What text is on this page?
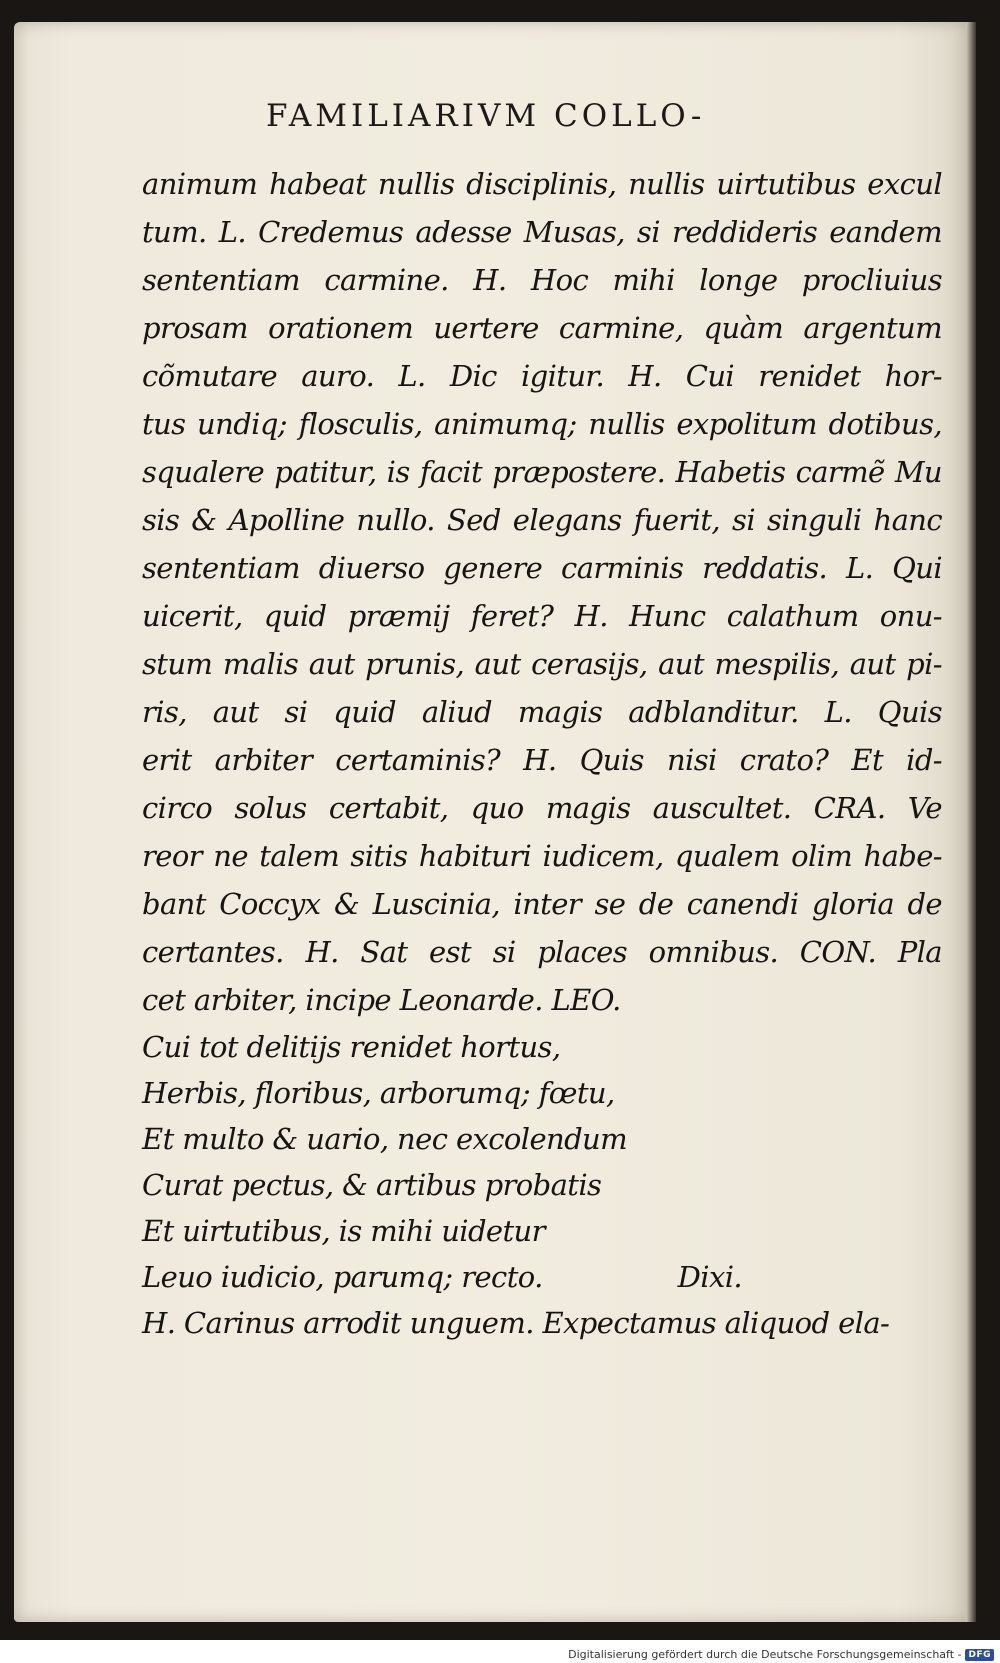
FAMILIARIVM COLLO-
animum habeat nullis disciplinis, nullis uirtutibus excul
tum. L. Credemus adesse Musas, si reddideris eandem
sententiam carmine. H. Hoc mihi longe procliuius
prosam orationem uertere carmine, quàm argentum
cõmutare auro. L. Dic igitur. H. Cui renidet hor-
tus undiq; flosculis, animumq; nullis expolitum dotibus,
squalere patitur, is facit præpostere. Habetis carmẽ Mu
sis & Apolline nullo. Sed elegans fuerit, si singuli hanc
sententiam diuerso genere carminis reddatis. L. Qui
uicerit, quid præmij feret? H. Hunc calathum onu-
stum malis aut prunis, aut cerasijs, aut mespilis, aut pi-
ris, aut si quid aliud magis adblanditur. L. Quis
erit arbiter certaminis? H. Quis nisi crato? Et id-
circo solus certabit, quo magis auscultet. CRA. Ve
reor ne talem sitis habituri iudicem, qualem olim habe-
bant Coccyx & Luscinia, inter se de canendi gloria de
certantes. H. Sat est si places omnibus. CON. Pla
cet arbiter, incipe Leonarde. LEO.
Cui tot delitijs renidet hortus,
Herbis, floribus, arborumq; fœtu,
Et multo & uario, nec excolendum
Curat pectus, & artibus probatis
Et uirtutibus, is mihi uidetur
Leuo iudicio, parumq; recto.	Dixi.
H. Carinus arrodit unguem. Expectamus aliquod ela-
Digitalisierung gefördert durch die Deutsche Forschungsgemeinschaft - DFG
